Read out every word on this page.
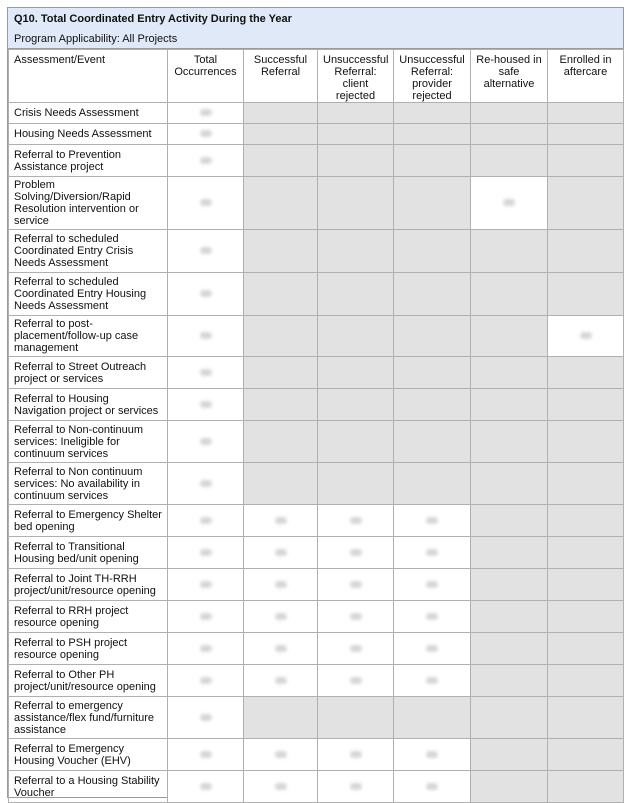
Q10. Total Coordinated Entry Activity During the Year
Program Applicability: All Projects
Assessment/Event	Total Occurrences	Successful Referral	Unsuccessful Referral: client rejected	Unsuccessful Referral: provider rejected	Re-housed in safe alternative	Enrolled in aftercare
Crisis Needs Assessment						
Housing Needs Assessment						
Referral to Prevention Assistance project						
Problem Solving/Diversion/Rapid Resolution intervention or service						
Referral to scheduled Coordinated Entry Crisis Needs Assessment						
Referral to scheduled Coordinated Entry Housing Needs Assessment						
Referral to post-placement/follow-up case management						
Referral to Street Outreach project or services						
Referral to Housing Navigation project or services						
Referral to Non-continuum services: Ineligible for continuum services						
Referral to Non continuum services: No availability in continuum services						
Referral to Emergency Shelter bed opening						
Referral to Transitional Housing bed/unit opening						
Referral to Joint TH-RRH project/unit/resource opening						
Referral to RRH project resource opening						
Referral to PSH project resource opening						
Referral to Other PH project/unit/resource opening						
Referral to emergency assistance/flex fund/furniture assistance						
Referral to Emergency Housing Voucher (EHV)						
Referral to a Housing Stability Voucher						
